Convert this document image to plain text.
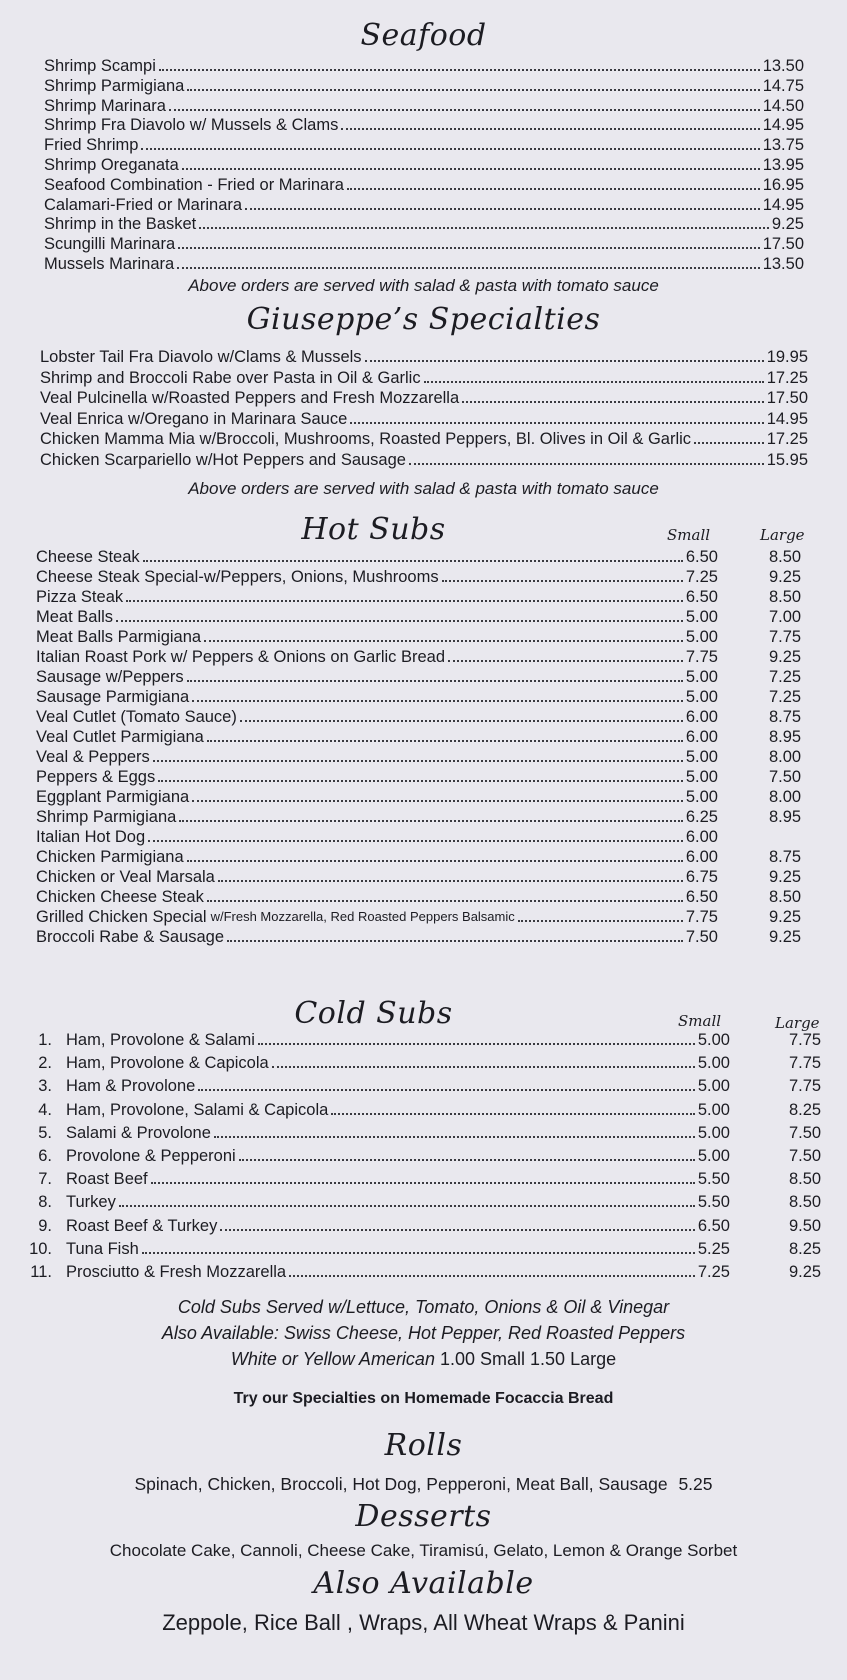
Seafood
Shrimp Scampi	13.50
Shrimp Parmigiana	14.75
Shrimp Marinara	14.50
Shrimp Fra Diavolo w/ Mussels & Clams	14.95
Fried Shrimp	13.75
Shrimp Oreganata	13.95
Seafood Combination - Fried or Marinara	16.95
Calamari-Fried or Marinara	14.95
Shrimp in the Basket	9.25
Scungilli Marinara	17.50
Mussels Marinara	13.50
Above orders are served with salad & pasta with tomato sauce
Giuseppe’s Specialties
Lobster Tail Fra Diavolo w/Clams & Mussels	19.95
Shrimp and Broccoli Rabe over Pasta in Oil & Garlic	17.25
Veal Pulcinella w/Roasted Peppers and Fresh Mozzarella	17.50
Veal Enrica w/Oregano in Marinara Sauce	14.95
Chicken Mamma Mia w/Broccoli, Mushrooms, Roasted Peppers, Bl. Olives in Oil & Garlic	17.25
Chicken Scarpariello w/Hot Peppers and Sausage	15.95
Above orders are served with salad & pasta with tomato sauce
Hot Subs	Small	Large
Cheese Steak	6.50	8.50
Cheese Steak Special-w/Peppers, Onions, Mushrooms	7.25	9.25
Pizza Steak	6.50	8.50
Meat Balls	5.00	7.00
Meat Balls Parmigiana	5.00	7.75
Italian Roast Pork w/ Peppers & Onions on Garlic Bread	7.75	9.25
Sausage w/Peppers	5.00	7.25
Sausage Parmigiana	5.00	7.25
Veal Cutlet (Tomato Sauce)	6.00	8.75
Veal Cutlet Parmigiana	6.00	8.95
Veal & Peppers	5.00	8.00
Peppers & Eggs	5.00	7.50
Eggplant Parmigiana	5.00	8.00
Shrimp Parmigiana	6.25	8.95
Italian Hot Dog	6.00
Chicken Parmigiana	6.00	8.75
Chicken or Veal Marsala	6.75	9.25
Chicken Cheese Steak	6.50	8.50
Grilled Chicken Special w/Fresh Mozzarella, Red Roasted Peppers Balsamic	7.75	9.25
Broccoli Rabe & Sausage	7.50	9.25
Cold Subs	Small	Large
1. Ham, Provolone & Salami	5.00	7.75
2. Ham, Provolone & Capicola	5.00	7.75
3. Ham & Provolone	5.00	7.75
4. Ham, Provolone, Salami & Capicola	5.00	8.25
5. Salami & Provolone	5.00	7.50
6. Provolone & Pepperoni	5.00	7.50
7. Roast Beef	5.50	8.50
8. Turkey	5.50	8.50
9. Roast Beef & Turkey	6.50	9.50
10. Tuna Fish	5.25	8.25
11. Prosciutto & Fresh Mozzarella	7.25	9.25
Cold Subs Served w/Lettuce, Tomato, Onions & Oil & Vinegar
Also Available: Swiss Cheese, Hot Pepper, Red Roasted Peppers
White or Yellow American 1.00 Small 1.50 Large
Try our Specialties on Homemade Focaccia Bread
Rolls
Spinach, Chicken, Broccoli, Hot Dog, Pepperoni, Meat Ball, Sausage 5.25
Desserts
Chocolate Cake, Cannoli, Cheese Cake, Tiramisú, Gelato, Lemon & Orange Sorbet
Also Available
Zeppole, Rice Ball , Wraps, All Wheat Wraps & Panini
